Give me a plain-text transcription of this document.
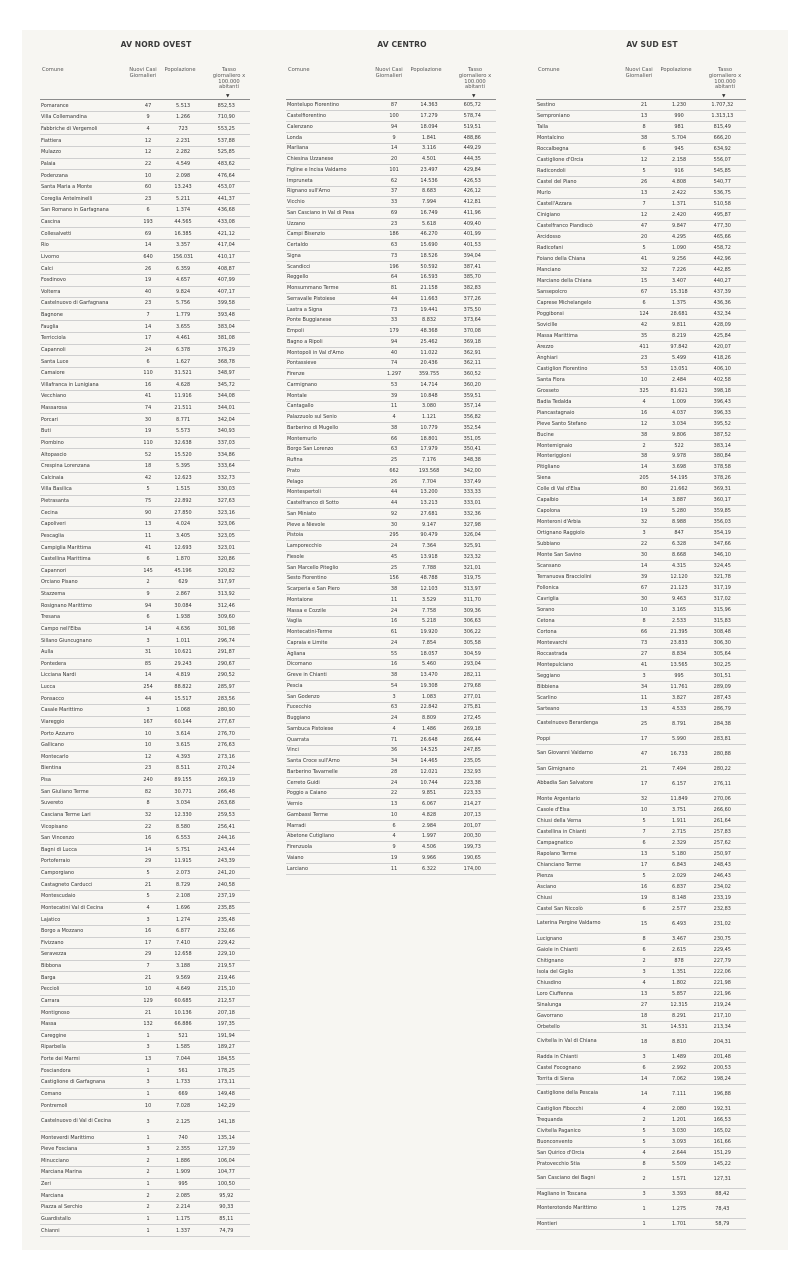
AV NORD OVEST
Comune	Nuovi Casi Giornalieri
Popolazione	Tasso giornaliero x 100.000 abitanti
▼
Pomarance	47	5.513	852,53
Villa Collemandina	9	1.266	710,90
Fabbriche di Vergemoli	4	723	553,25
Fiattiera	12	2.231	537,88
Mulazzo	12	2.282	525,85
Palaia	22	4.549	483,62
Podenzana	10	2.098	476,64
Santa Maria a Monte	60	13.243	453,07
Coreglia Antelminelli	23	5.211	441,37
San Romano in Garfagnana	6	1.374	436,68
Cascina	193	44.565	433,08
Collesalvetti	69	16.385	421,12
Rio	14	3.357	417,04
Livorno	640	156.031	410,17
Calci	26	6.359	408,87
Fosdinovo	19	4.657	407,99
Volterra	40	9.824	407,17
Castelnuovo di Garfagnana	23	5.756	399,58
Bagnone	7	1.779	393,48
Fauglia	14	3.655	383,04
Terricciola	17	4.461	381,08
Capannoli	24	6.378	376,29
Santa Luce	6	1.627	368,78
Camaiore	110	31.521	348,97
Villafranca in Lunigiana	16	4.628	345,72
Vecchiano	41	11.916	344,08
Massarosa	74	21.511	344,01
Porcari	30	8.771	342,04
Buti	19	5.573	340,93
Piombino	110	32.638	337,03
Altopascio	52	15.520	334,86
Crespina Lorenzana	18	5.395	333,64
Calcinaia	42	12.623	332,73
Villa Basilica	5	1.515	330,03
Pietrasanta	75	22.892	327,63
Cecina	90	27.850	323,16
Capoliveri	13	4.024	323,06
Pescaglia	11	3.405	323,05
Campiglia Marittima	41	12.693	323,01
Castellina Marittima	6	1.870	320,86
Capannori	145	45.196	320,82
Orciano Pisano	2	629	317,97
Stazzema	9	2.867	313,92
Rosignano Marittimo	94	30.084	312,46
Tresana	6	1.938	309,60
Campo nell'Elba	14	4.636	301,98
Sillano Giuncugnano	3	1.011	296,74
Aulla	31	10.621	291,87
Pontedera	85	29.243	290,67
Licciana Nardi	14	4.819	290,52
Lucca	254	88.822	285,97
Ponsacco	44	15.517	283,56
Casale Marittimo	3	1.068	280,90
Viareggio	167	60.144	277,67
Porto Azzurro	10	3.614	276,70
Gallicano	10	3.615	276,63
Montecarlo	12	4.393	273,16
Bientina	23	8.511	270,24
Pisa	240	89.155	269,19
San Giuliano Terme	82	30.771	266,48
Suvereto	8	3.034	263,68
Casciana Terme Lari	32	12.330	259,53
Vicopisano	22	8.580	256,41
San Vincenzo	16	6.553	244,16
Bagni di Lucca	14	5.751	243,44
Portoferraio	29	11.915	243,39
Camporgiano	5	2.073	241,20
Castagneto Carducci	21	8.729	240,58
Montescudaio	5	2.108	237,19
Montecatini Val di Cecina	4	1.696	235,85
Lajatico	3	1.274	235,48
Borgo a Mozzano	16	6.877	232,66
Fivizzano	17	7.410	229,42
Seravezza	29	12.658	229,10
Bibbona	7	3.188	219,57
Barga	21	9.569	219,46
Peccioli	10	4.649	215,10
Carrara	129	60.685	212,57
Montignoso	21	10.136	207,18
Massa	132	66.886	197,35
Careggine	1	521	191,94
Riparbella	3	1.585	189,27
Forte dei Marmi	13	7.044	184,55
Fosciandora	1	561	178,25
Castiglione di Garfagnana	3	1.733	173,11
Comano	1	669	149,48
Pontremoli	10	7.028	142,29
Castelnuovo di Val di Cecina	3	2.125	141,18
Monteverdi Marittimo	1	740	135,14
Pieve Fosciana	3	2.355	127,39
Minucciano	2	1.886	106,04
Marciana Marina	2	1.909	104,77
Zeri	1	995	100,50
Marciana	2	2.085	95,92
Piazza al Serchio	2	2.214	90,33
Guardistallo	1	1.175	85,11
Chianni	1	1.337	74,79
AV CENTRO
Comune	Nuovi Casi Giornalieri
Popolazione	Tasso giornaliero x 100.000 abitanti
▼
Montelupo Fiorentino	87	14.363	605,72
Castelfiorentino	100	17.279	578,74
Calenzano	94	18.094	519,51
Londa	9	1.841	488,86
Marliana	14	3.116	449,29
Chiesina Uzzanese	20	4.501	444,35
Figline e Incisa Valdarno	101	23.497	429,84
Impruneta	62	14.536	426,53
Rignano sull'Arno	37	8.683	426,12
Vicchio	33	7.994	412,81
San Casciano in Val di Pesa	69	16.749	411,96
Uzzano	23	5.618	409,40
Campi Bisenzio	186	46.270	401,99
Certaldo	63	15.690	401,53
Signa	73	18.526	394,04
Scandicci	196	50.592	387,41
Reggello	64	16.593	385,70
Monsummano Terme	81	21.158	382,83
Serravalle Pistoiese	44	11.663	377,26
Lastra a Signa	73	19.441	375,50
Ponte Buggianese	33	8.832	373,64
Empoli	179	48.368	370,08
Bagno a Ripoli	94	25.462	369,18
Montopoli in Val d'Arno	40	11.022	362,91
Pontassieve	74	20.436	362,11
Firenze	1.297	359.755	360,52
Carmignano	53	14.714	360,20
Montale	39	10.848	359,51
Cantagallo	11	3.080	357,14
Palazzuolo sul Senio	4	1.121	356,82
Barberino di Mugello	38	10.779	352,54
Montemurlo	66	18.801	351,05
Borgo San Lorenzo	63	17.979	350,41
Rufina	25	7.176	348,38
Prato	662	193.568	342,00
Pelago	26	7.704	337,49
Montespertoli	44	13.200	333,33
Castelfranco di Sotto	44	13.213	333,01
San Miniato	92	27.681	332,36
Pieve a Nievole	30	9.147	327,98
Pistoia	295	90.479	326,04
Lamporecchio	24	7.364	325,91
Fiesole	45	13.918	323,32
San Marcello Piteglio	25	7.788	321,01
Sesto Fiorentino	156	48.788	319,75
Scarperia e San Piero	38	12.103	313,97
Montaione	11	3.529	311,70
Massa e Cozzile	24	7.758	309,36
Vaglia	16	5.218	306,63
Montecatini-Terme	61	19.920	306,22
Capraia e Limite	24	7.854	305,58
Agliana	55	18.057	304,59
Dicomano	16	5.460	293,04
Greve in Chianti	38	13.470	282,11
Pescia	54	19.308	279,68
San Godenzo	3	1.083	277,01
Fucecchio	63	22.842	275,81
Buggiano	24	8.809	272,45
Sambuca Pistoiese	4	1.486	269,18
Quarrata	71	26.648	266,44
Vinci	36	14.525	247,85
Santa Croce sull'Arno	34	14.465	235,05
Barberino Tavarnelle	28	12.021	232,93
Cerreto Guidi	24	10.744	223,38
Poggio a Caiano	22	9.851	223,33
Vernio	13	6.067	214,27
Gambassi Terme	10	4.828	207,13
Marradi	6	2.984	201,07
Abetone Cutigliano	4	1.997	200,30
Firenzuola	9	4.506	199,73
Vaiano	19	9.966	190,65
Larciano	11	6.322	174,00
AV SUD EST
Comune	Nuovi Casi Giornalieri
Popolazione	Tasso giornaliero x 100.000 abitanti
▼
Sestino	21	1.230	1.707,32
Semproniano	13	990	1.313,13
Talla	8	981	815,49
Montalcino	38	5.704	666,20
Roccalbegna	6	945	634,92
Castiglione d'Orcia	12	2.158	556,07
Radicondoli	5	916	545,85
Castel del Piano	26	4.808	540,77
Murlo	13	2.422	536,75
Castell'Azzara	7	1.371	510,58
Cinigiano	12	2.420	495,87
Castelfranco Piandiscò	47	9.847	477,30
Arcidosso	20	4.295	465,66
Radicofani	5	1.090	458,72
Foiano della Chiana	41	9.256	442,96
Manciano	32	7.226	442,85
Marciano della Chiana	15	3.407	440,27
Sansepolcro	67	15.318	437,39
Caprese Michelangelo	6	1.375	436,36
Poggibonsi	124	28.681	432,34
Sovicille	42	9.811	428,09
Massa Marittima	35	8.219	425,84
Arezzo	411	97.842	420,07
Anghiari	23	5.499	418,26
Castiglion Fiorentino	53	13.051	406,10
Santa Fiora	10	2.484	402,58
Grosseto	325	81.621	398,18
Badia Tedalda	4	1.009	396,43
Piancastagnaio	16	4.037	396,33
Pieve Santo Stefano	12	3.034	395,52
Bucine	38	9.806	387,52
Montemignaio	2	522	383,14
Monteriggioni	38	9.978	380,84
Pitigliano	14	3.698	378,58
Siena	205	54.195	378,26
Colle di Val d'Elsa	80	21.662	369,31
Capalbio	14	3.887	360,17
Capolona	19	5.280	359,85
Monteroni d'Arbia	32	8.988	356,03
Ortignano Raggiolo	3	847	354,19
Subbiano	22	6.328	347,66
Monte San Savino	30	8.668	346,10
Scansano	14	4.315	324,45
Terranuova Bracciolini	39	12.120	321,78
Follonica	67	21.123	317,19
Cavriglia	30	9.463	317,02
Sorano	10	3.165	315,96
Cetona	8	2.533	315,83
Cortona	66	21.395	308,48
Montevarchi	73	23.833	306,30
Roccastrada	27	8.834	305,64
Montepulciano	41	13.565	302,25
Seggiano	3	995	301,51
Bibbiena	34	11.761	289,09
Scarlino	11	3.827	287,43
Sarteano	13	4.533	286,79
Castelnuovo Berardenga	25	8.791	284,38
Poppi	17	5.990	283,81
San Giovanni Valdarno	47	16.733	280,88
San Gimignano	21	7.494	280,22
Abbadia San Salvatore	17	6.157	276,11
Monte Argentario	32	11.849	270,06
Casole d'Elsa	10	3.751	266,60
Chiusi della Verna	5	1.911	261,64
Castellina in Chianti	7	2.715	257,83
Campagnatico	6	2.329	257,62
Rapolano Terme	13	5.180	250,97
Chianciano Terme	17	6.843	248,43
Pienza	5	2.029	246,43
Asciano	16	6.837	234,02
Chiusi	19	8.148	233,19
Castel San Niccolò	6	2.577	232,83
Laterina Pergine Valdarno	15	6.493	231,02
Lucignano	8	3.467	230,75
Gaiole in Chianti	6	2.615	229,45
Chitignano	2	878	227,79
Isola del Giglio	3	1.351	222,06
Chiusdino	4	1.802	221,98
Loro Ciuffenna	13	5.857	221,96
Sinalunga	27	12.315	219,24
Gavorrano	18	8.291	217,10
Orbetello	31	14.531	213,34
Civitella in Val di Chiana	18	8.810	204,31
Radda in Chianti	3	1.489	201,48
Castel Focognano	6	2.992	200,53
Torrita di Siena	14	7.062	198,24
Castiglione della Pescaia	14	7.111	196,88
Castiglion Fibocchi	4	2.080	192,31
Trequanda	2	1.201	166,53
Civitella Paganico	5	3.030	165,02
Buonconvento	5	3.093	161,66
San Quirico d'Orcia	4	2.644	151,29
Pratovecchio Stia	8	5.509	145,22
San Casciano dei Bagni	2	1.571	127,31
Magliano in Toscana	3	3.393	88,42
Monterotondo Marittimo	1	1.275	78,43
Montieri	1	1.701	58,79
